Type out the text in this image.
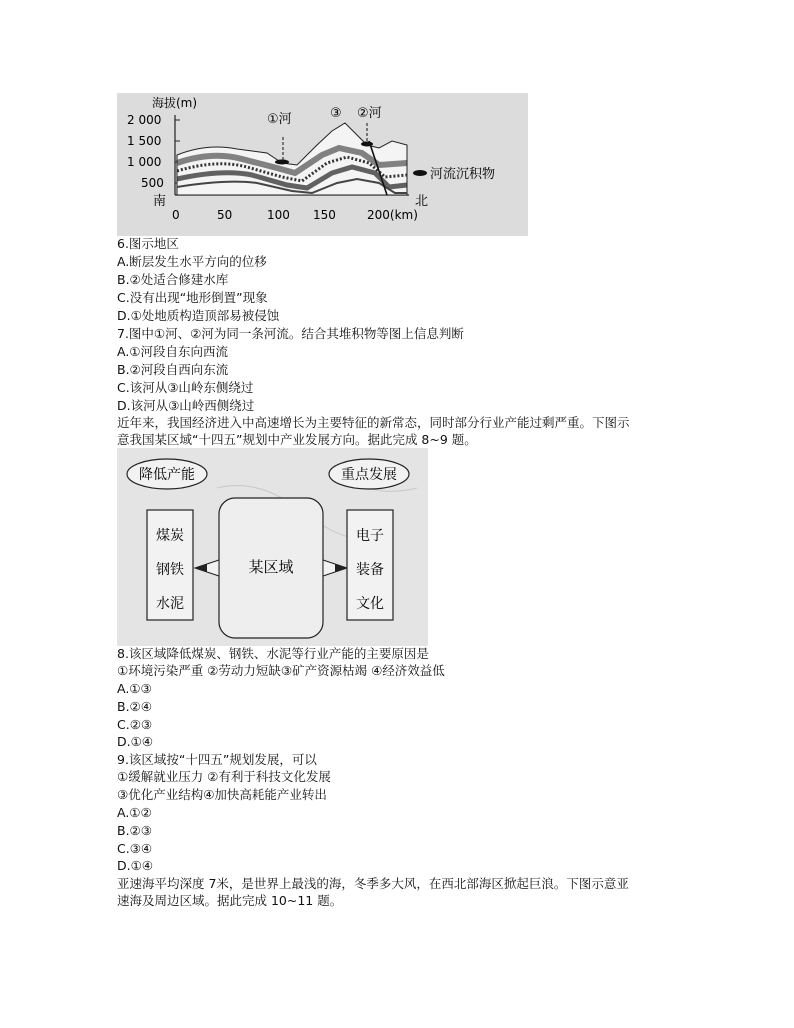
海拔(m)
2 000
1 500
1 000
500
南	北
0	50	100 150	200(km)
①河	③ ②河
河流沉积物
6.图示地区
A.断层发生水平方向的位移
B.②处适合修建水库
C.没有出现“地形倒置”现象
D.①处地质构造顶部易被侵蚀
7.图中①河、②河为同一条河流。结合其堆积物等图上信息判断
A.①河段自东向西流
B.②河段自西向东流
C.该河从③山岭东侧绕过
D.该河从③山岭西侧绕过
近年来，我国经济进入中高速增长为主要特征的新常态，同时部分行业产能过剩严重。下图示
意我国某区域“十四五”规划中产业发展方向。据此完成 8~9 题。
降低产能
煤炭
钢铁
水泥
某区域
重点发展
电子
装备
文化
8.该区域降低煤炭、钢铁、水泥等行业产能的主要原因是
①环境污染严重 ②劳动力短缺③矿产资源枯竭 ④经济效益低
A.①③
B.②④
C.②③
D.①④
9.该区域按“十四五”规划发展，可以
①缓解就业压力 ②有利于科技文化发展
③优化产业结构④加快高耗能产业转出
A.①②
B.②③
C.③④
D.①④
亚速海平均深度 7米，是世界上最浅的海，冬季多大风，在西北部海区掀起巨浪。下图示意亚
速海及周边区域。据此完成 10~11 题。
